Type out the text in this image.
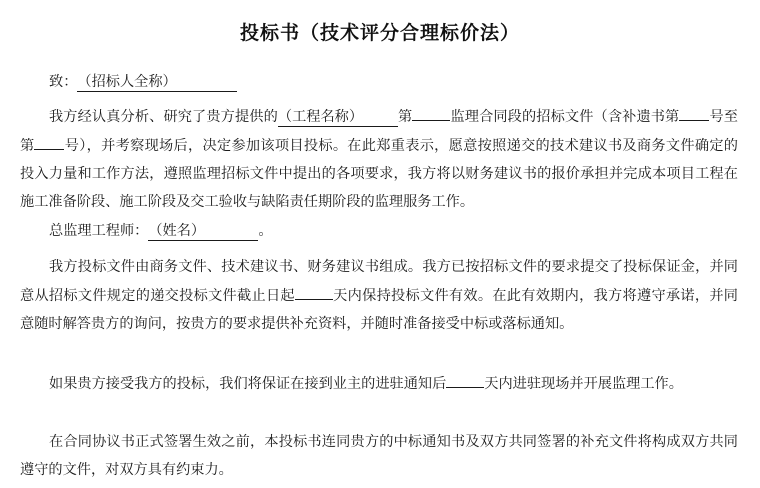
投标书（技术评分合理标价法）
致：（招标人全称）
我方经认真分析、研究了贵方提供的（工程名称） 第	监理合同段的招标文件（含补遗书第 号至第 号），并考察现场后，决定参加该项目投标。在此郑重表示，愿意按照递交的技术建议书及商务文件确定的投入力量和工作方法，遵照监理招标文件中提出的各项要求，我方将以财务建议书的报价承担并完成本项目工程在施工准备阶段、施工阶段及交工验收与缺陷责任期阶段的监理服务工作。
总监理工程师：（姓名）	。
我方投标文件由商务文件、技术建议书、财务建议书组成。我方已按招标文件的要求提交了投标保证金，并同意从招标文件规定的递交投标文件截止日起	天内保持投标文件有效。在此有效期内，我方将遵守承诺，并同意随时解答贵方的询问，按贵方的要求提供补充资料，并随时准备接受中标或落标通知。
如果贵方接受我方的投标，我们将保证在接到业主的进驻通知后	天内进驻现场并开展监理工作。
在合同协议书正式签署生效之前，本投标书连同贵方的中标通知书及双方共同签署的补充文件将构成双方共同遵守的文件，对双方具有约束力。
